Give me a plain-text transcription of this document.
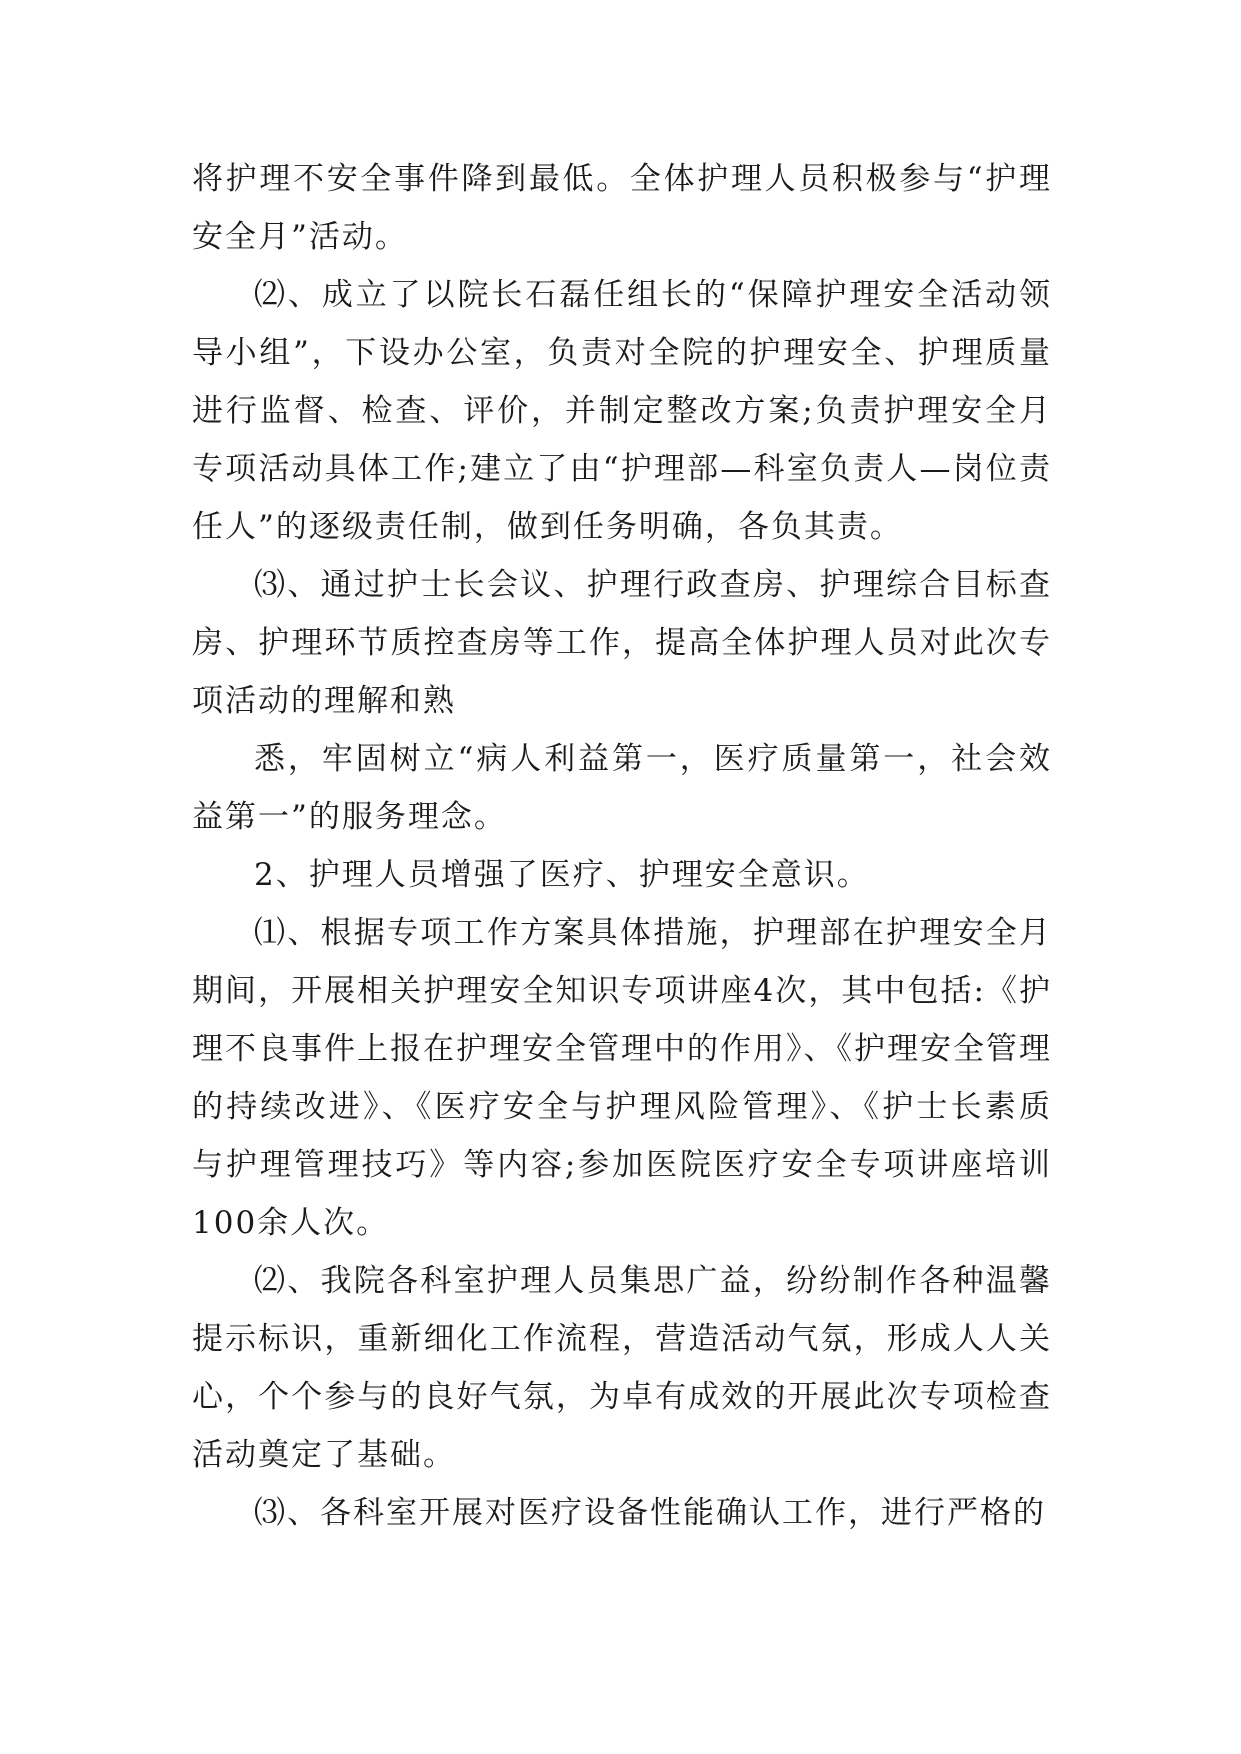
将护理不安全事件降到最低。全体护理人员积极参与“护理安全月”活动。

⑵、成立了以院长石磊任组长的“保障护理安全活动领导小组”，下设办公室，负责对全院的护理安全、护理质量进行监督、检查、评价，并制定整改方案;负责护理安全月专项活动具体工作;建立了由“护理部—科室负责人—岗位责任人”的逐级责任制，做到任务明确，各负其责。

⑶、通过护士长会议、护理行政查房、护理综合目标查房、护理环节质控查房等工作，提高全体护理人员对此次专项活动的理解和熟

悉，牢固树立“病人利益第一，医疗质量第一，社会效益第一”的服务理念。

2、护理人员增强了医疗、护理安全意识。

⑴、根据专项工作方案具体措施，护理部在护理安全月期间，开展相关护理安全知识专项讲座4次，其中包括:《护理不良事件上报在护理安全管理中的作用》、《护理安全管理的持续改进》、《医疗安全与护理风险管理》、《护士长素质与护理管理技巧》等内容;参加医院医疗安全专项讲座培训100余人次。

⑵、我院各科室护理人员集思广益，纷纷制作各种温馨提示标识，重新细化工作流程，营造活动气氛，形成人人关心，个个参与的良好气氛，为卓有成效的开展此次专项检查活动奠定了基础。

⑶、各科室开展对医疗设备性能确认工作，进行严格的
